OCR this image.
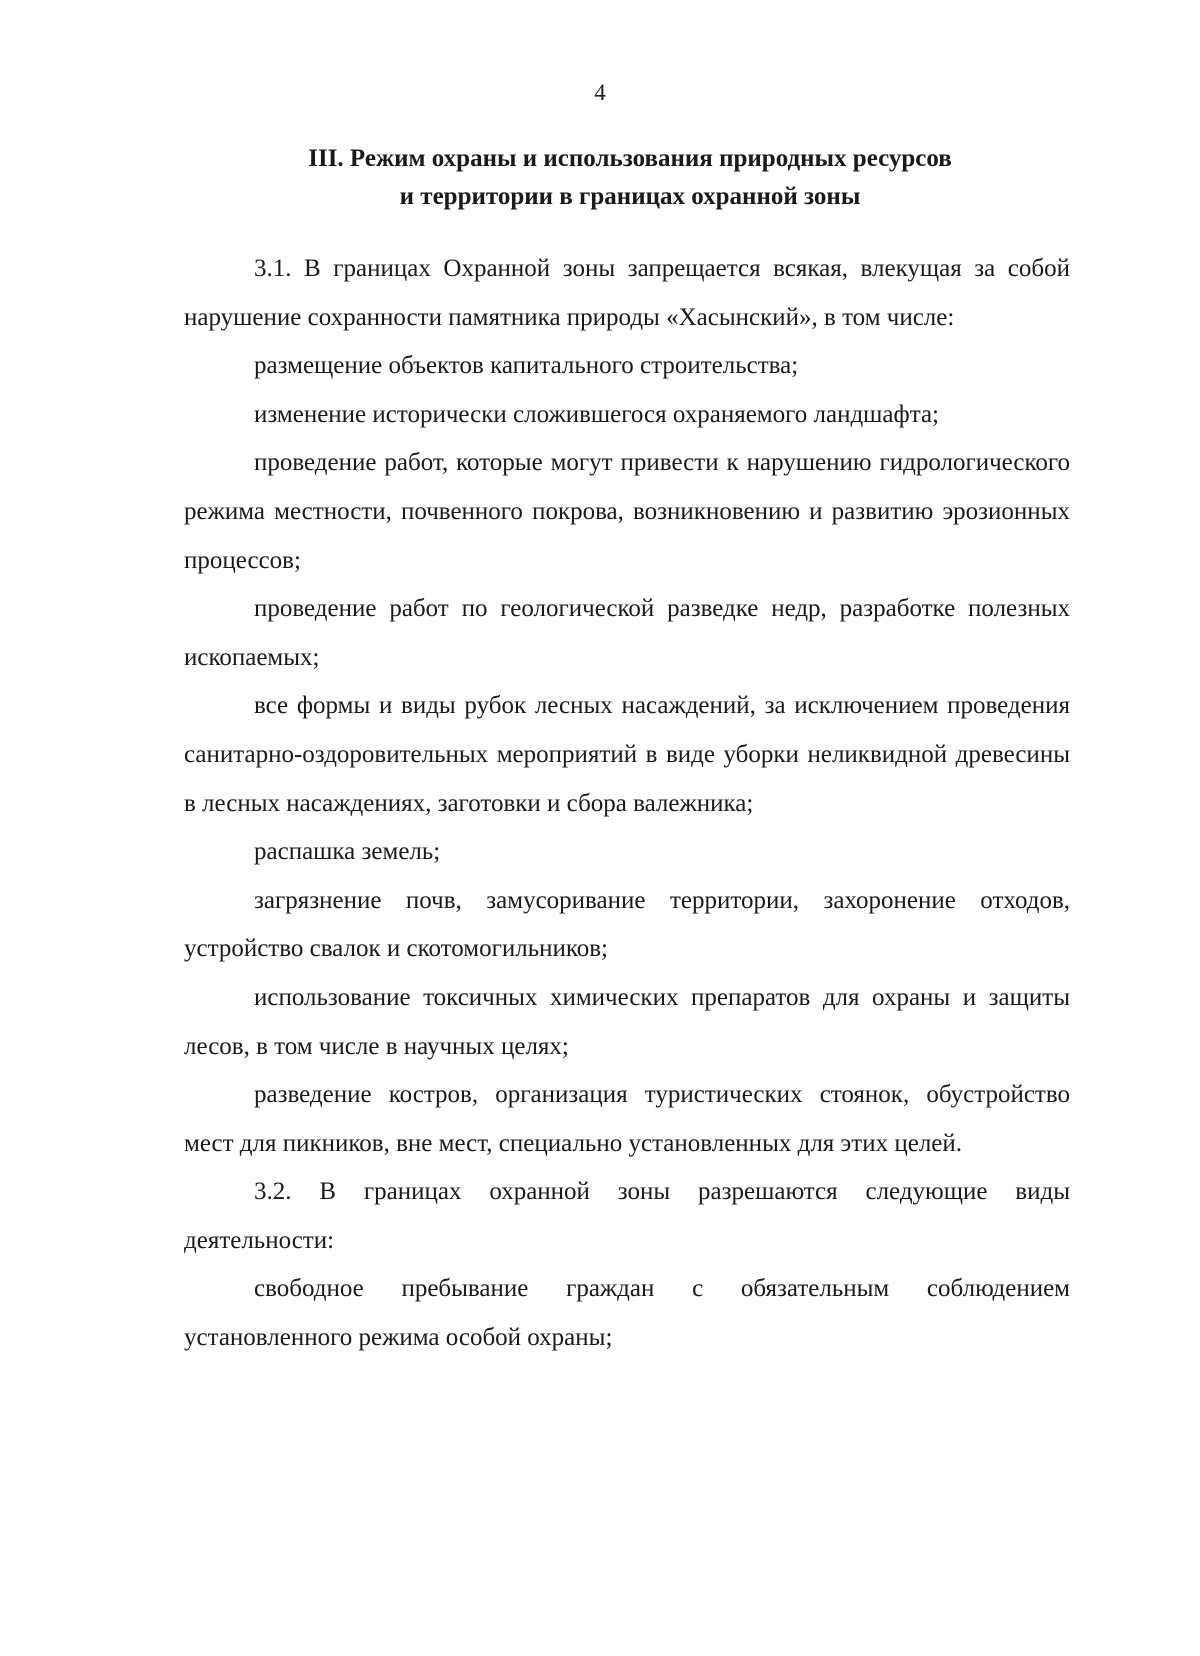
4
III. Режим охраны и использования природных ресурсов
и территории в границах охранной зоны

3.1. В границах Охранной зоны запрещается всякая, влекущая за собой нарушение сохранности памятника природы «Хасынский», в том числе:

размещение объектов капитального строительства;

изменение исторически сложившегося охраняемого ландшафта;

проведение работ, которые могут привести к нарушению гидрологического режима местности, почвенного покрова, возникновению и развитию эрозионных процессов;

проведение работ по геологической разведке недр, разработке полезных ископаемых;

все формы и виды рубок лесных насаждений, за исключением проведения санитарно-оздоровительных мероприятий в виде уборки неликвидной древесины в лесных насаждениях, заготовки и сбора валежника;

распашка земель;

загрязнение почв, замусоривание территории, захоронение отходов, устройство свалок и скотомогильников;

использование токсичных химических препаратов для охраны и защиты лесов, в том числе в научных целях;

разведение костров, организация туристических стоянок, обустройство мест для пикников, вне мест, специально установленных для этих целей.

3.2. В границах охранной зоны разрешаются следующие виды деятельности:

свободное пребывание граждан с обязательным соблюдением установленного режима особой охраны;
